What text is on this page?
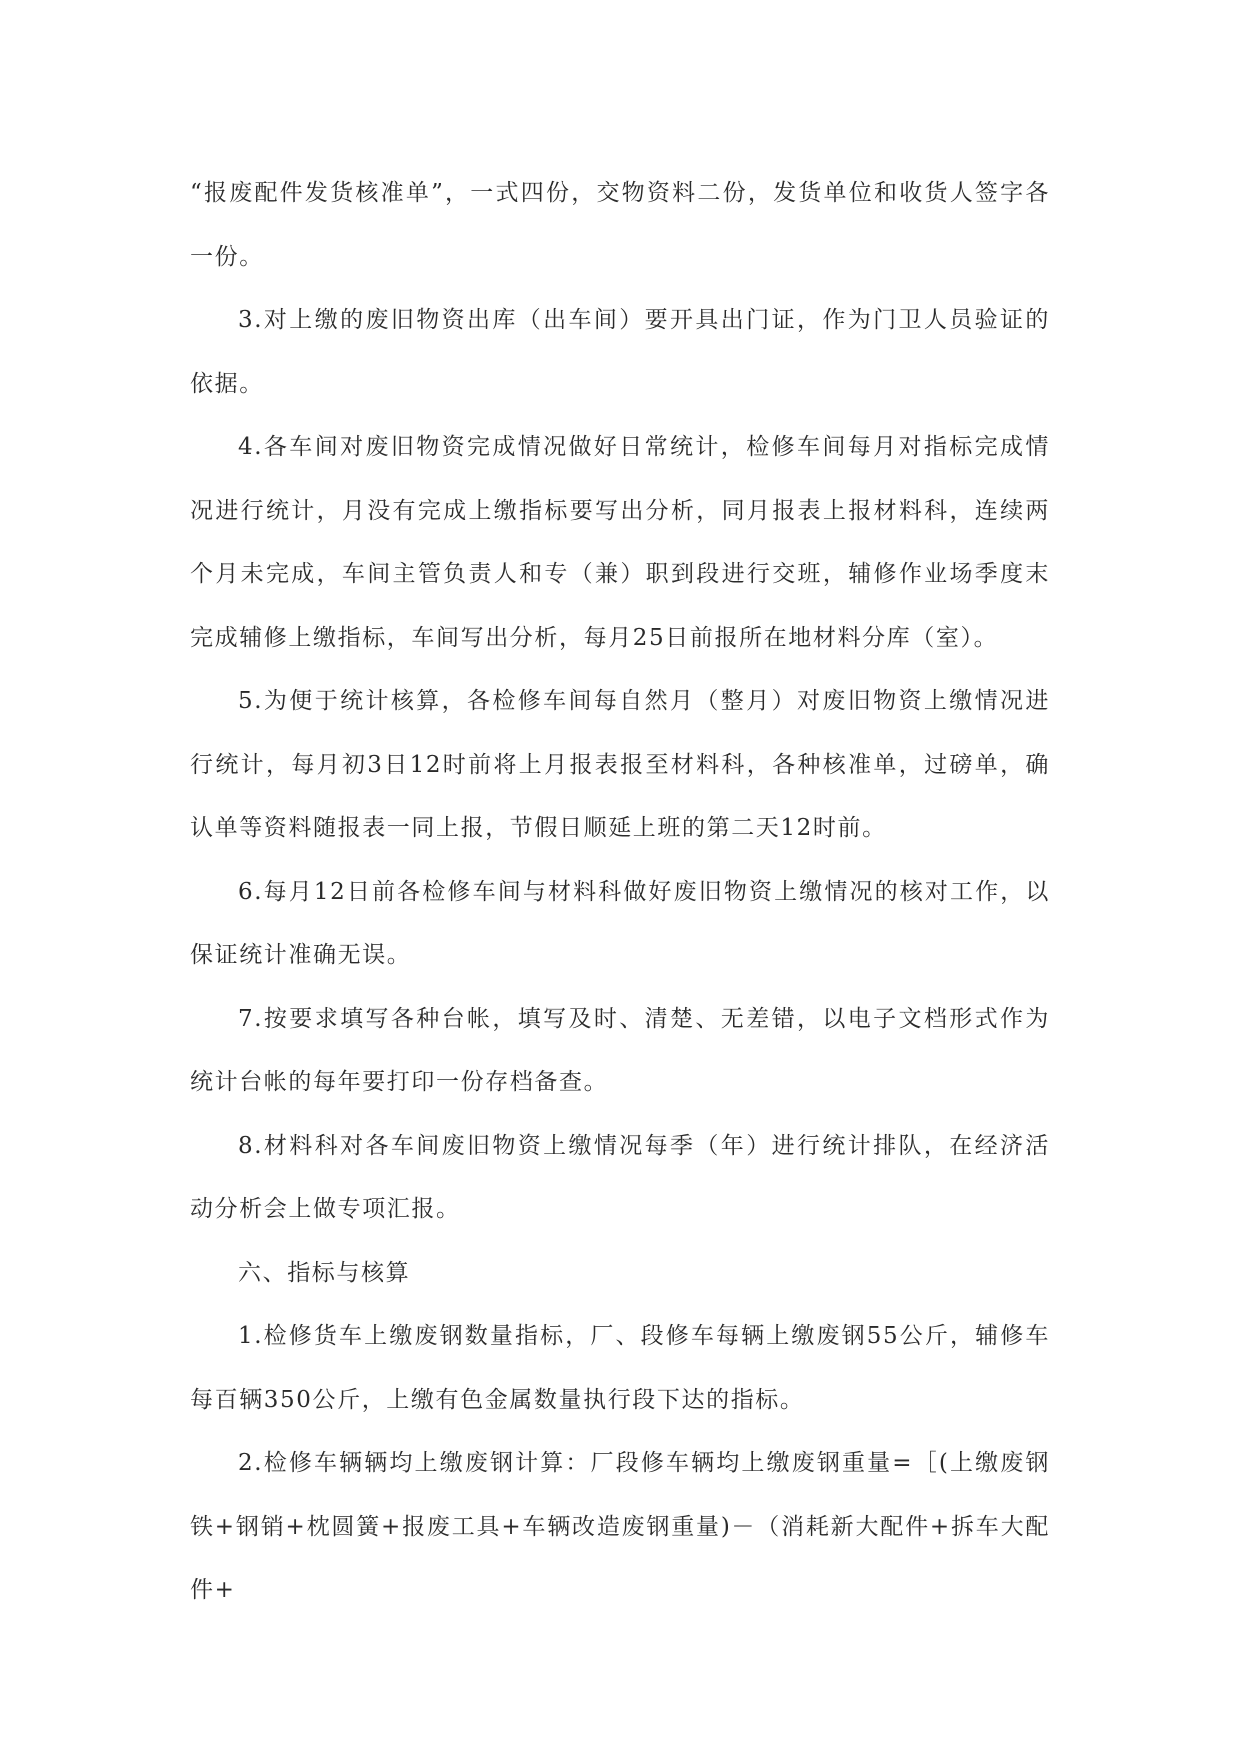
“报废配件发货核准单”，一式四份，交物资料二份，发货单位和收货人签字各一份。

3.对上缴的废旧物资出库（出车间）要开具出门证，作为门卫人员验证的依据。

4.各车间对废旧物资完成情况做好日常统计，检修车间每月对指标完成情况进行统计，月没有完成上缴指标要写出分析，同月报表上报材料科，连续两个月未完成，车间主管负责人和专（兼）职到段进行交班，辅修作业场季度末完成辅修上缴指标，车间写出分析，每月25日前报所在地材料分库（室）。

5.为便于统计核算，各检修车间每自然月（整月）对废旧物资上缴情况进行统计，每月初3日12时前将上月报表报至材料科，各种核准单，过磅单，确认单等资料随报表一同上报，节假日顺延上班的第二天12时前。

6.每月12日前各检修车间与材料科做好废旧物资上缴情况的核对工作，以保证统计准确无误。

7.按要求填写各种台帐，填写及时、清楚、无差错，以电子文档形式作为统计台帐的每年要打印一份存档备查。

8.材料科对各车间废旧物资上缴情况每季（年）进行统计排队，在经济活动分析会上做专项汇报。

六、指标与核算

1.检修货车上缴废钢数量指标，厂、段修车每辆上缴废钢55公斤，辅修车每百辆350公斤，上缴有色金属数量执行段下达的指标。

2.检修车辆辆均上缴废钢计算：厂段修车辆均上缴废钢重量=［(上缴废钢铁+钢销+枕圆簧+报废工具+车辆改造废钢重量)－（消耗新大配件+拆车大配件+
